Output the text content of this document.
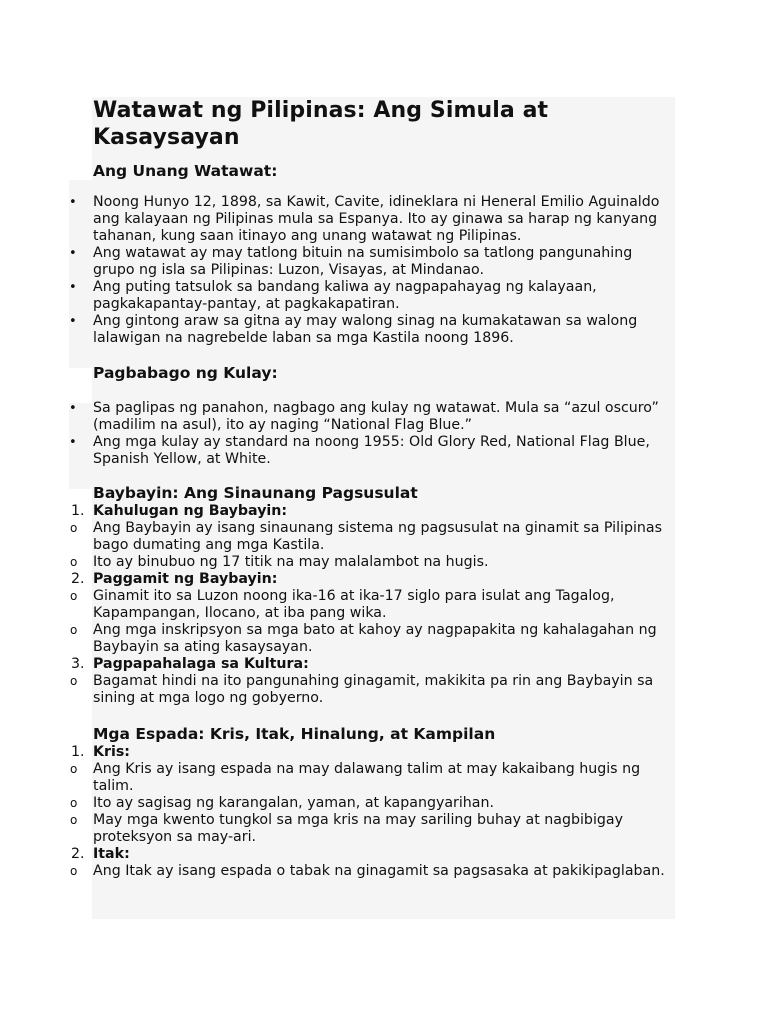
Watawat ng Pilipinas: Ang Simula at Kasaysayan
Ang Unang Watawat:
•	Noong Hunyo 12, 1898, sa Kawit, Cavite, idineklara ni Heneral Emilio Aguinaldo ang kalayaan ng Pilipinas mula sa Espanya. Ito ay ginawa sa harap ng kanyang tahanan, kung saan itinayo ang unang watawat ng Pilipinas.
•	Ang watawat ay may tatlong bituin na sumisimbolo sa tatlong pangunahing grupo ng isla sa Pilipinas: Luzon, Visayas, at Mindanao.
•	Ang puting tatsulok sa bandang kaliwa ay nagpapahayag ng kalayaan, pagkakapantay-pantay, at pagkakapatiran.
•	Ang gintong araw sa gitna ay may walong sinag na kumakatawan sa walong lalawigan na nagrebelde laban sa mga Kastila noong 1896.
Pagbabago ng Kulay:
•	Sa paglipas ng panahon, nagbago ang kulay ng watawat. Mula sa “azul oscuro” (madilim na asul), ito ay naging “National Flag Blue.”
•	Ang mga kulay ay standard na noong 1955: Old Glory Red, National Flag Blue, Spanish Yellow, at White.
Baybayin: Ang Sinaunang Pagsusulat
1. Kahulugan ng Baybayin:
o	Ang Baybayin ay isang sinaunang sistema ng pagsusulat na ginamit sa Pilipinas bago dumating ang mga Kastila.
o	Ito ay binubuo ng 17 titik na may malalambot na hugis.
2. Paggamit ng Baybayin:
o	Ginamit ito sa Luzon noong ika-16 at ika-17 siglo para isulat ang Tagalog, Kapampangan, Ilocano, at iba pang wika.
o	Ang mga inskripsyon sa mga bato at kahoy ay nagpapakita ng kahalagahan ng Baybayin sa ating kasaysayan.
3. Pagpapahalaga sa Kultura:
o	Bagamat hindi na ito pangunahing ginagamit, makikita pa rin ang Baybayin sa sining at mga logo ng gobyerno.
Mga Espada: Kris, Itak, Hinalung, at Kampilan
1. Kris:
o	Ang Kris ay isang espada na may dalawang talim at may kakaibang hugis ng talim.
o	Ito ay sagisag ng karangalan, yaman, at kapangyarihan.
o	May mga kwento tungkol sa mga kris na may sariling buhay at nagbibigay proteksyon sa may-ari.
2. Itak:
o	Ang Itak ay isang espada o tabak na ginagamit sa pagsasaka at pakikipaglaban.
